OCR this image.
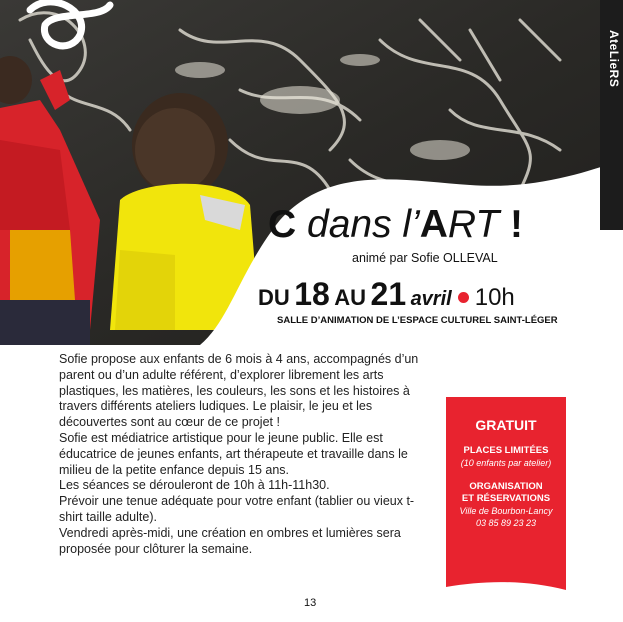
AteLieRS
C dans l’ART !
animé par Sofie OLLEVAL
DU 18 AU 21 avril 10h
SALLE D’ANIMATION DE L’ESPACE CULTUREL SAINT-LÉGER

Sofie propose aux enfants de 6 mois à 4 ans, accompagnés d’un parent ou d’un adulte référent, d’explorer librement les arts plastiques, les matières, les couleurs, les sons et les histoires à travers différents ateliers ludiques. Le plaisir, le jeu et les découvertes sont au cœur de ce projet !

Sofie est médiatrice artistique pour le jeune public. Elle est éducatrice de jeunes enfants, art thérapeute et travaille dans le milieu de la petite enfance depuis 15 ans.

Les séances se dérouleront de 10h à 11h-11h30.

Prévoir une tenue adéquate pour votre enfant (tablier ou vieux t-shirt taille adulte).

Vendredi après-midi, une création en ombres et lumières sera proposée pour clôturer la semaine.

GRATUIT
PLACES LIMITÉES
(10 enfants par atelier)
ORGANISATION
ET RÉSERVATIONS
Ville de Bourbon-Lancy
03 85 89 23 23
13
